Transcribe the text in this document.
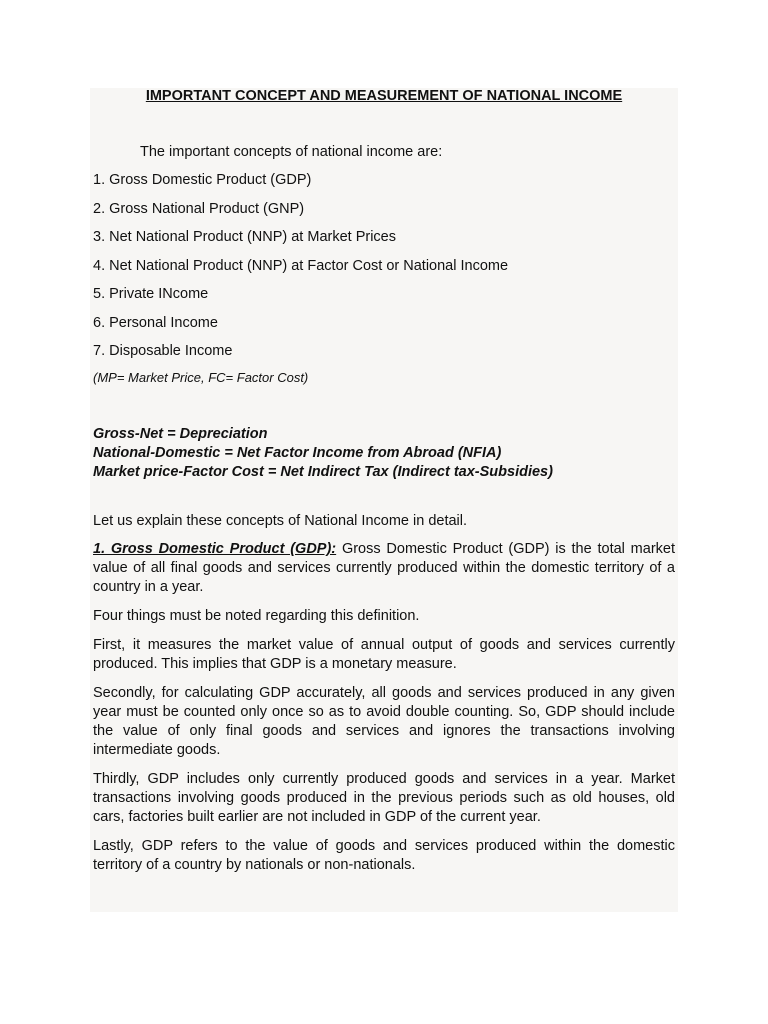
IMPORTANT CONCEPT AND MEASUREMENT OF NATIONAL INCOME
The important concepts of national income are:
1. Gross Domestic Product (GDP)
2. Gross National Product (GNP)
3. Net National Product (NNP) at Market Prices
4. Net National Product (NNP) at Factor Cost or National Income
5. Private INcome
6. Personal Income
7. Disposable Income
(MP= Market Price, FC= Factor Cost)
Gross-Net = Depreciation
National-Domestic = Net Factor Income from Abroad (NFIA)
Market price-Factor Cost = Net Indirect Tax (Indirect tax-Subsidies)
Let us explain these concepts of National Income in detail.
1. Gross Domestic Product (GDP): Gross Domestic Product (GDP) is the total market value of all final goods and services currently produced within the domestic territory of a country in a year.
Four things must be noted regarding this definition.
First, it measures the market value of annual output of goods and services currently produced. This implies that GDP is a monetary measure.
Secondly, for calculating GDP accurately, all goods and services produced in any given year must be counted only once so as to avoid double counting. So, GDP should include the value of only final goods and services and ignores the transactions involving intermediate goods.
Thirdly, GDP includes only currently produced goods and services in a year. Market transactions involving goods produced in the previous periods such as old houses, old cars, factories built earlier are not included in GDP of the current year.
Lastly, GDP refers to the value of goods and services produced within the domestic territory of a country by nationals or non-nationals.
